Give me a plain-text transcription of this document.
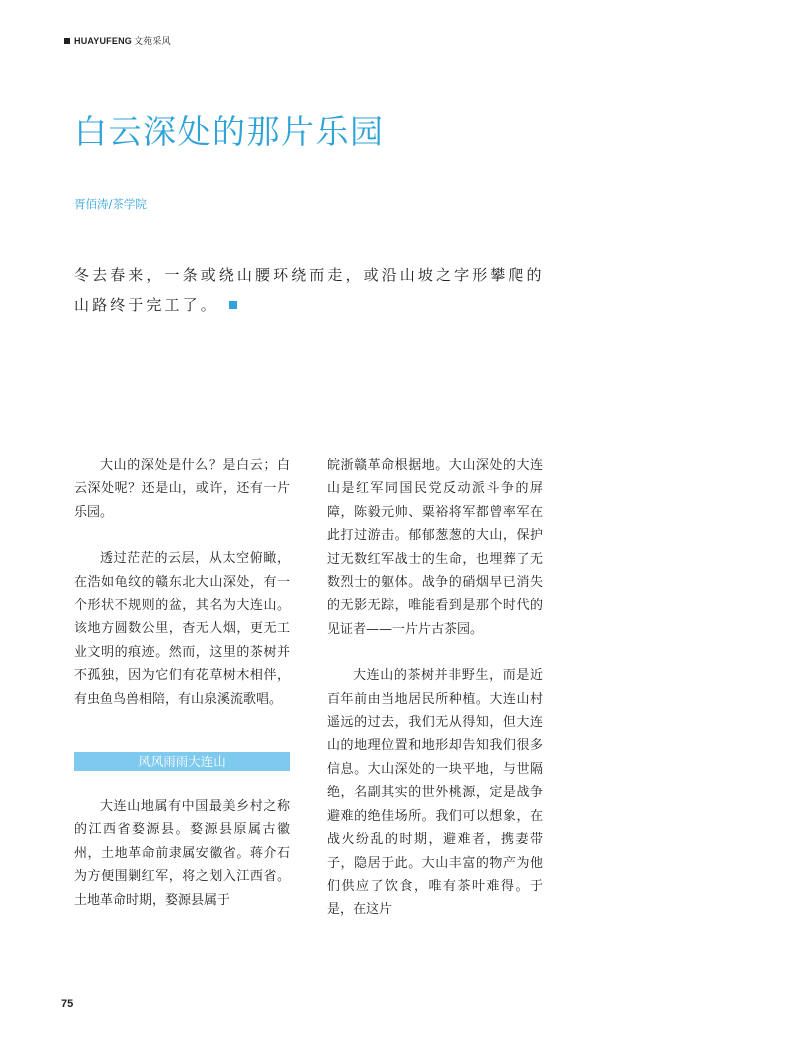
HUAYUFENG 文苑采风
白云深处的那片乐园
胥佰涛/茶学院
冬去春来，一条或绕山腰环绕而走，或沿山坡之字形攀爬的山路终于完工了。

大山的深处是什么？是白云；白云深处呢？还是山，或许，还有一片乐园。

透过茫茫的云层，从太空俯瞰，在浩如龟纹的赣东北大山深处，有一个形状不规则的盆，其名为大连山。该地方圆数公里，杳无人烟，更无工业文明的痕迹。然而，这里的茶树并不孤独，因为它们有花草树木相伴，有虫鱼鸟兽相陪，有山泉溪流歌唱。

风风雨雨大连山

大连山地属有中国最美乡村之称的江西省婺源县。婺源县原属古徽州，土地革命前隶属安徽省。蒋介石为方便围剿红军，将之划入江西省。土地革命时期，婺源县属于

皖浙赣革命根据地。大山深处的大连山是红军同国民党反动派斗争的屏障，陈毅元帅、粟裕将军都曾率军在此打过游击。郁郁葱葱的大山，保护过无数红军战士的生命，也埋葬了无数烈士的躯体。战争的硝烟早已消失的无影无踪，唯能看到是那个时代的见证者——一片片古茶园。

大连山的茶树并非野生，而是近百年前由当地居民所种植。大连山村遥远的过去，我们无从得知，但大连山的地理位置和地形却告知我们很多信息。大山深处的一块平地，与世隔绝，名副其实的世外桃源，定是战争避难的绝佳场所。我们可以想象，在战火纷乱的时期，避难者，携妻带子，隐居于此。大山丰富的物产为他们供应了饮食，唯有茶叶难得。于是，在这片

75
